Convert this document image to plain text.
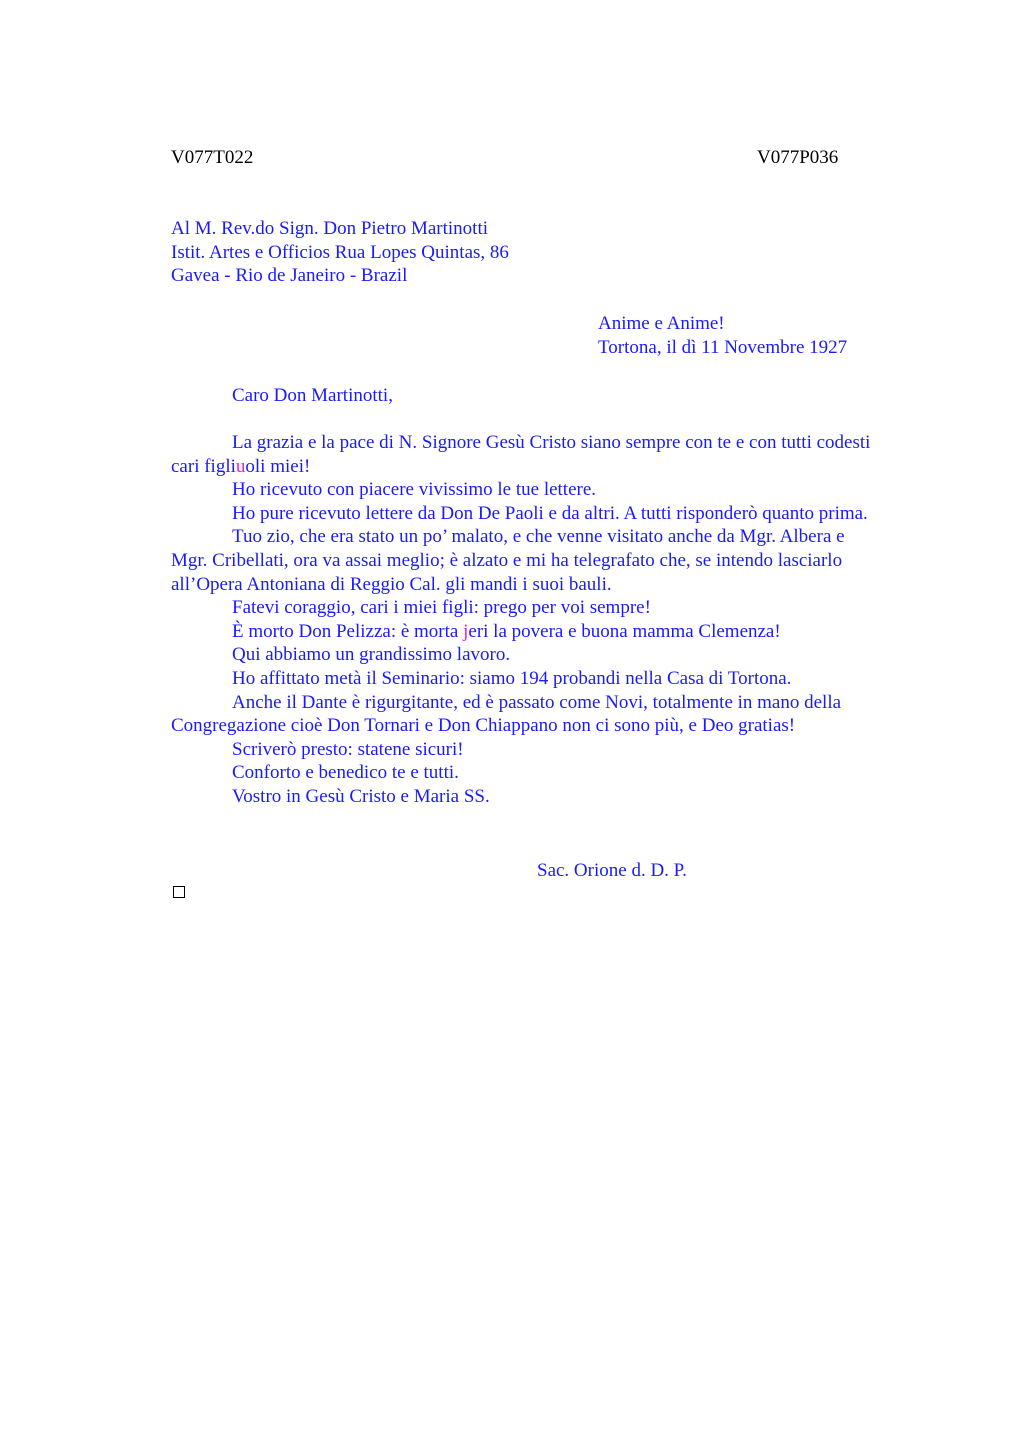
V077T022	V077P036
Al M. Rev.do Sign. Don Pietro Martinotti
Istit. Artes e Officios Rua Lopes Quintas, 86
Gavea - Rio de Janeiro - Brazil
Anime e Anime!
Tortona, il dì 11 Novembre 1927
Caro Don Martinotti,
La grazia e la pace di N. Signore Gesù Cristo siano sempre con te e con tutti codesti
cari figliuoli miei!
Ho ricevuto con piacere vivissimo le tue lettere.
Ho pure ricevuto lettere da Don De Paoli e da altri. A tutti risponderò quanto prima.
Tuo zio, che era stato un po’ malato, e che venne visitato anche da Mgr. Albera e
Mgr. Cribellati, ora va assai meglio; è alzato e mi ha telegrafato che, se intendo lasciarlo
all’Opera Antoniana di Reggio Cal. gli mandi i suoi bauli.
Fatevi coraggio, cari i miei figli: prego per voi sempre!
È morto Don Pelizza: è morta jeri la povera e buona mamma Clemenza!
Qui abbiamo un grandissimo lavoro.
Ho affittato metà il Seminario: siamo 194 probandi nella Casa di Tortona.
Anche il Dante è rigurgitante, ed è passato come Novi, totalmente in mano della
Congregazione cioè Don Tornari e Don Chiappano non ci sono più, e Deo gratias!
Scriverò presto: statene sicuri!
Conforto e benedico te e tutti.
Vostro in Gesù Cristo e Maria SS.
Sac. Orione d. D. P.
